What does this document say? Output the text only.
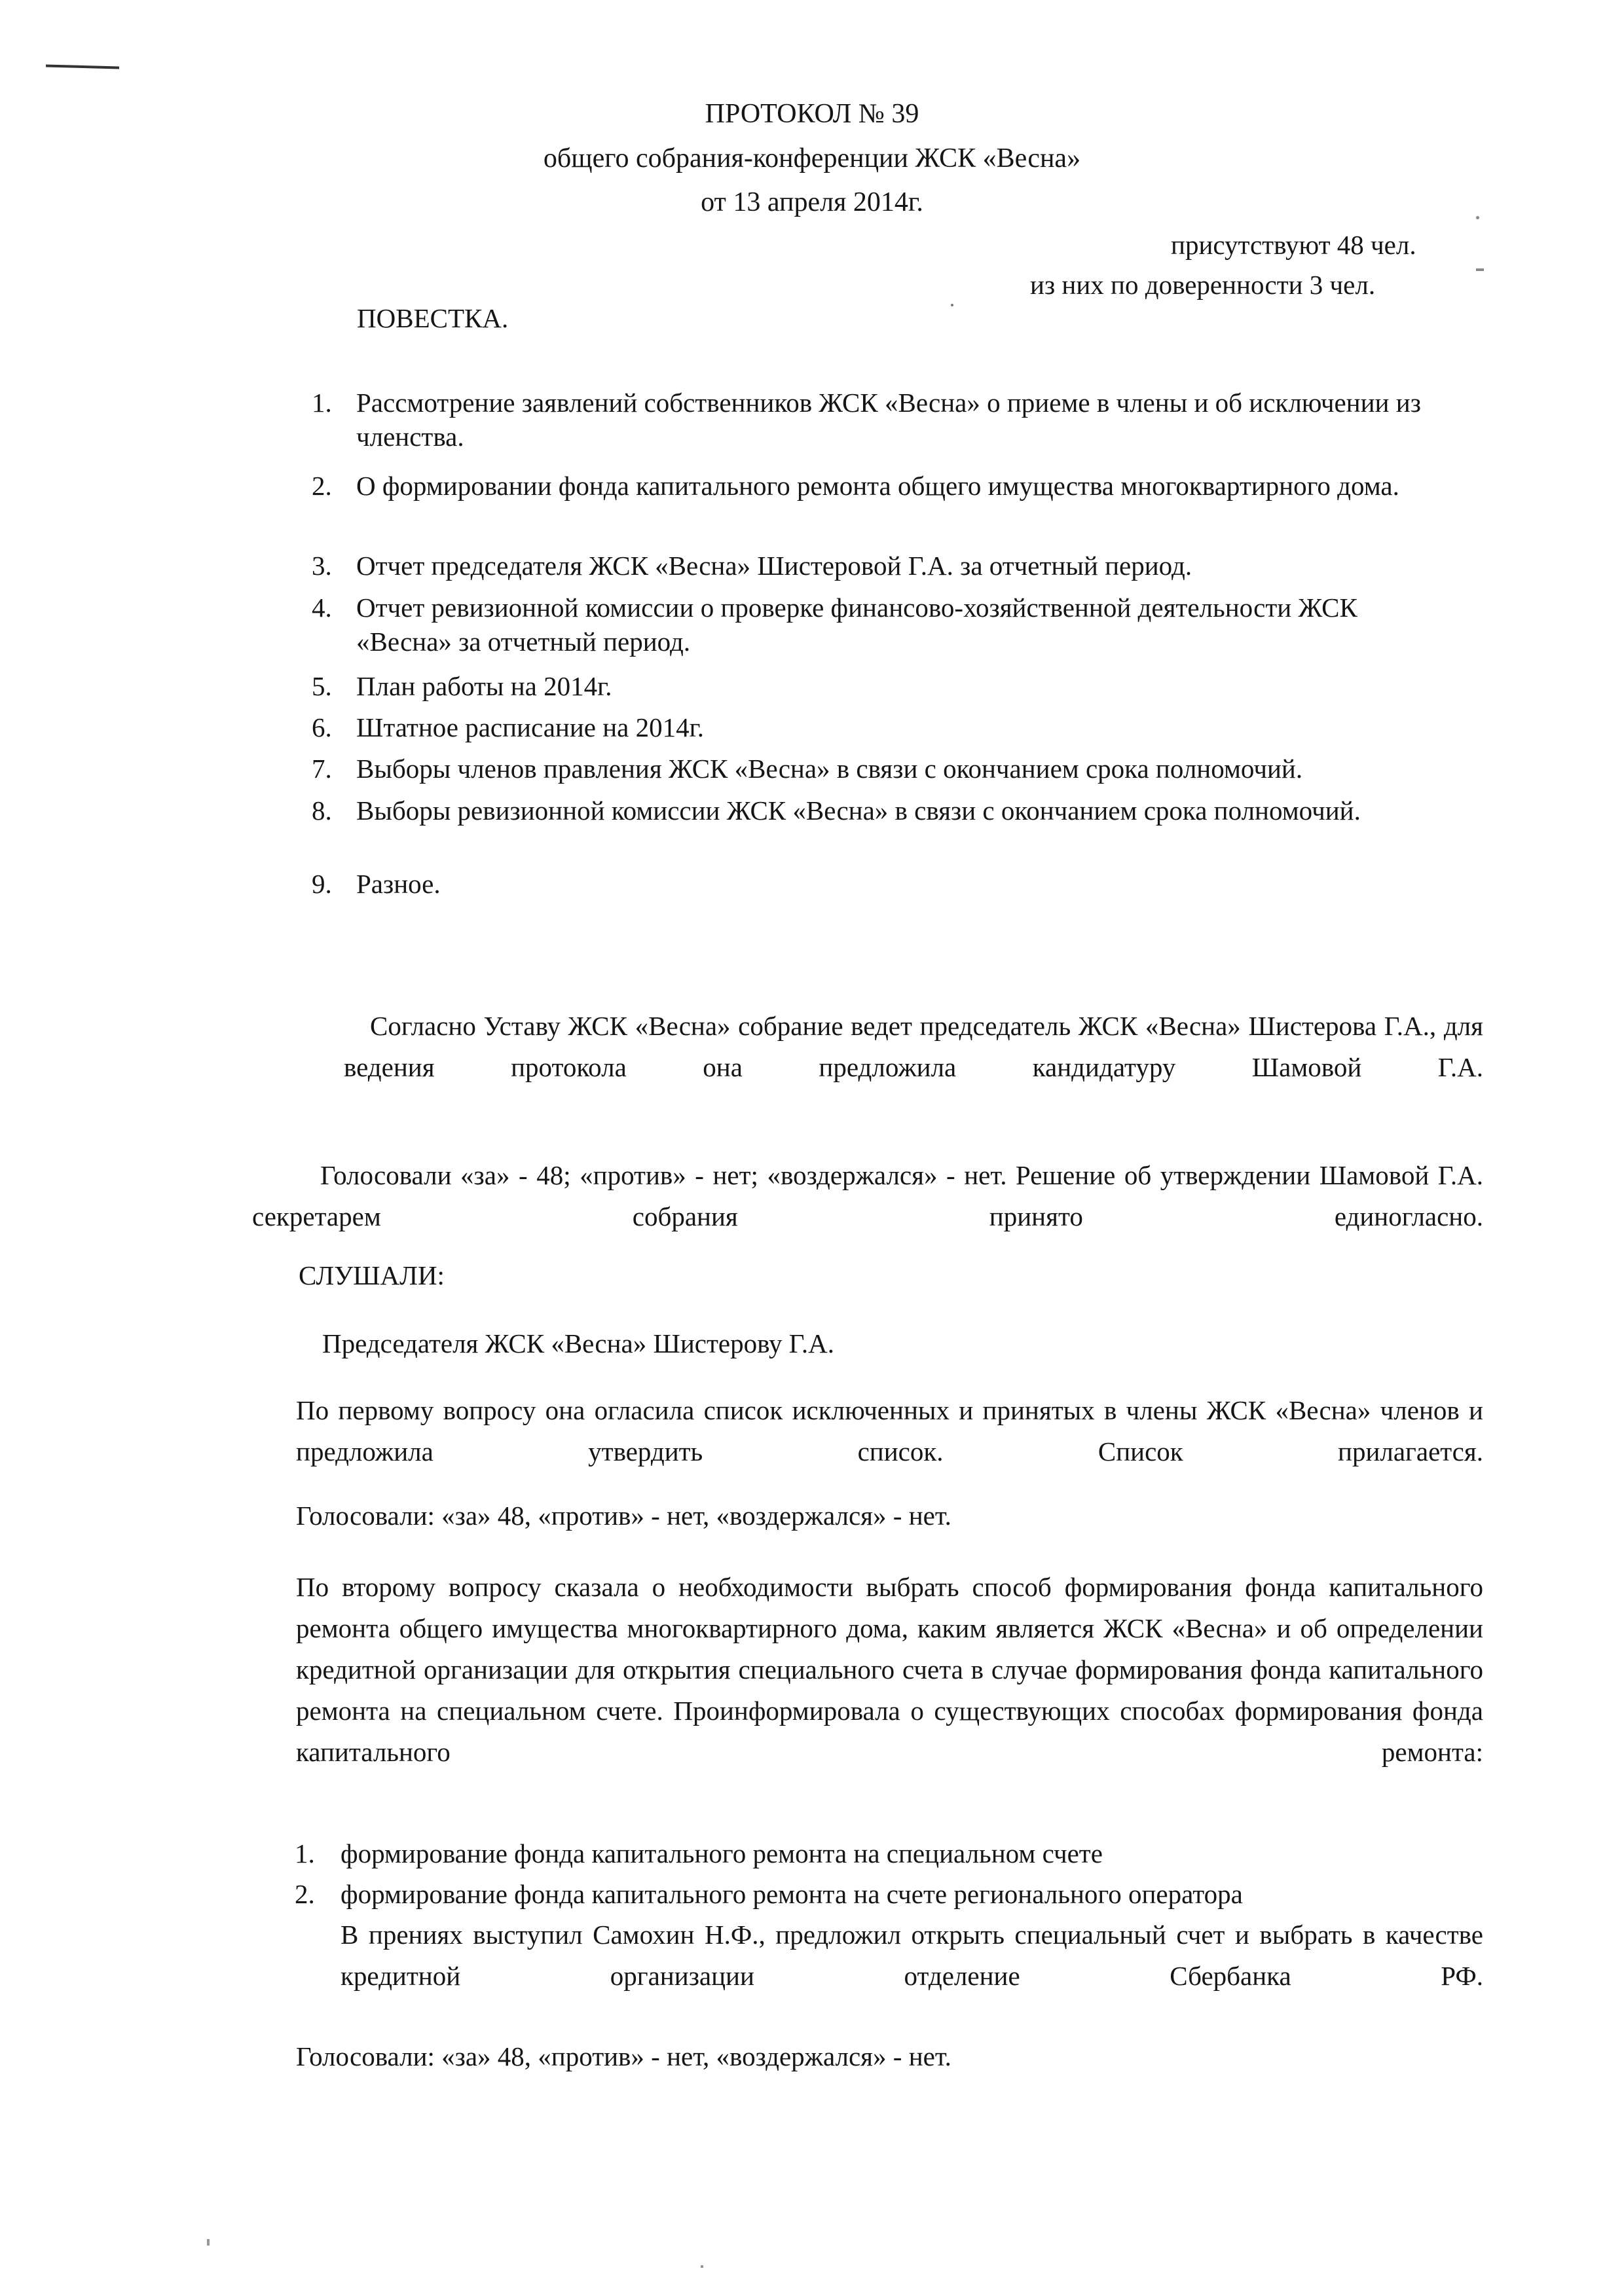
ПРОТОКОЛ № 39
общего собрания-конференции ЖСК «Весна»
от 13 апреля 2014г.
присутствуют 48 чел.
из них по доверенности 3 чел.
ПОВЕСТКА.
1. Рассмотрение заявлений собственников ЖСК «Весна» о приеме в члены и об исключении из членства.
2. О формировании фонда капитального ремонта общего имущества многоквартирного дома.
3. Отчет председателя ЖСК «Весна» Шистеровой Г.А. за отчетный период.
4. Отчет ревизионной комиссии о проверке финансово-хозяйственной деятельности ЖСК «Весна» за отчетный период.
5. План работы на 2014г.
6. Штатное расписание на 2014г.
7. Выборы членов правления ЖСК «Весна» в связи с окончанием срока полномочий.
8. Выборы ревизионной комиссии ЖСК «Весна» в связи с окончанием срока полномочий.
9. Разное.
Согласно Уставу ЖСК «Весна» собрание ведет председатель ЖСК «Весна» Шистерова Г.А., для ведения протокола она предложила кандидатуру Шамовой Г.А.
Голосовали «за» - 48; «против» - нет; «воздержался» - нет. Решение об утверждении Шамовой Г.А. секретарем собрания принято единогласно.
СЛУШАЛИ:
Председателя ЖСК «Весна» Шистерову Г.А.
По первому вопросу она огласила список исключенных и принятых в члены ЖСК «Весна» членов и предложила утвердить список. Список прилагается.
Голосовали: «за» 48, «против» - нет, «воздержался» - нет.
По второму вопросу сказала о необходимости выбрать способ формирования фонда капитального ремонта общего имущества многоквартирного дома, каким является ЖСК «Весна» и об определении кредитной организации для открытия специального счета в случае формирования фонда капитального ремонта на специальном счете. Проинформировала о существующих способах формирования фонда капитального ремонта:
1. формирование фонда капитального ремонта на специальном счете
2. формирование фонда капитального ремонта на счете регионального оператора
В прениях выступил Самохин Н.Ф., предложил открыть специальный счет и выбрать в качестве кредитной организации отделение Сбербанка РФ.
Голосовали: «за» 48, «против» - нет, «воздержался» - нет.
